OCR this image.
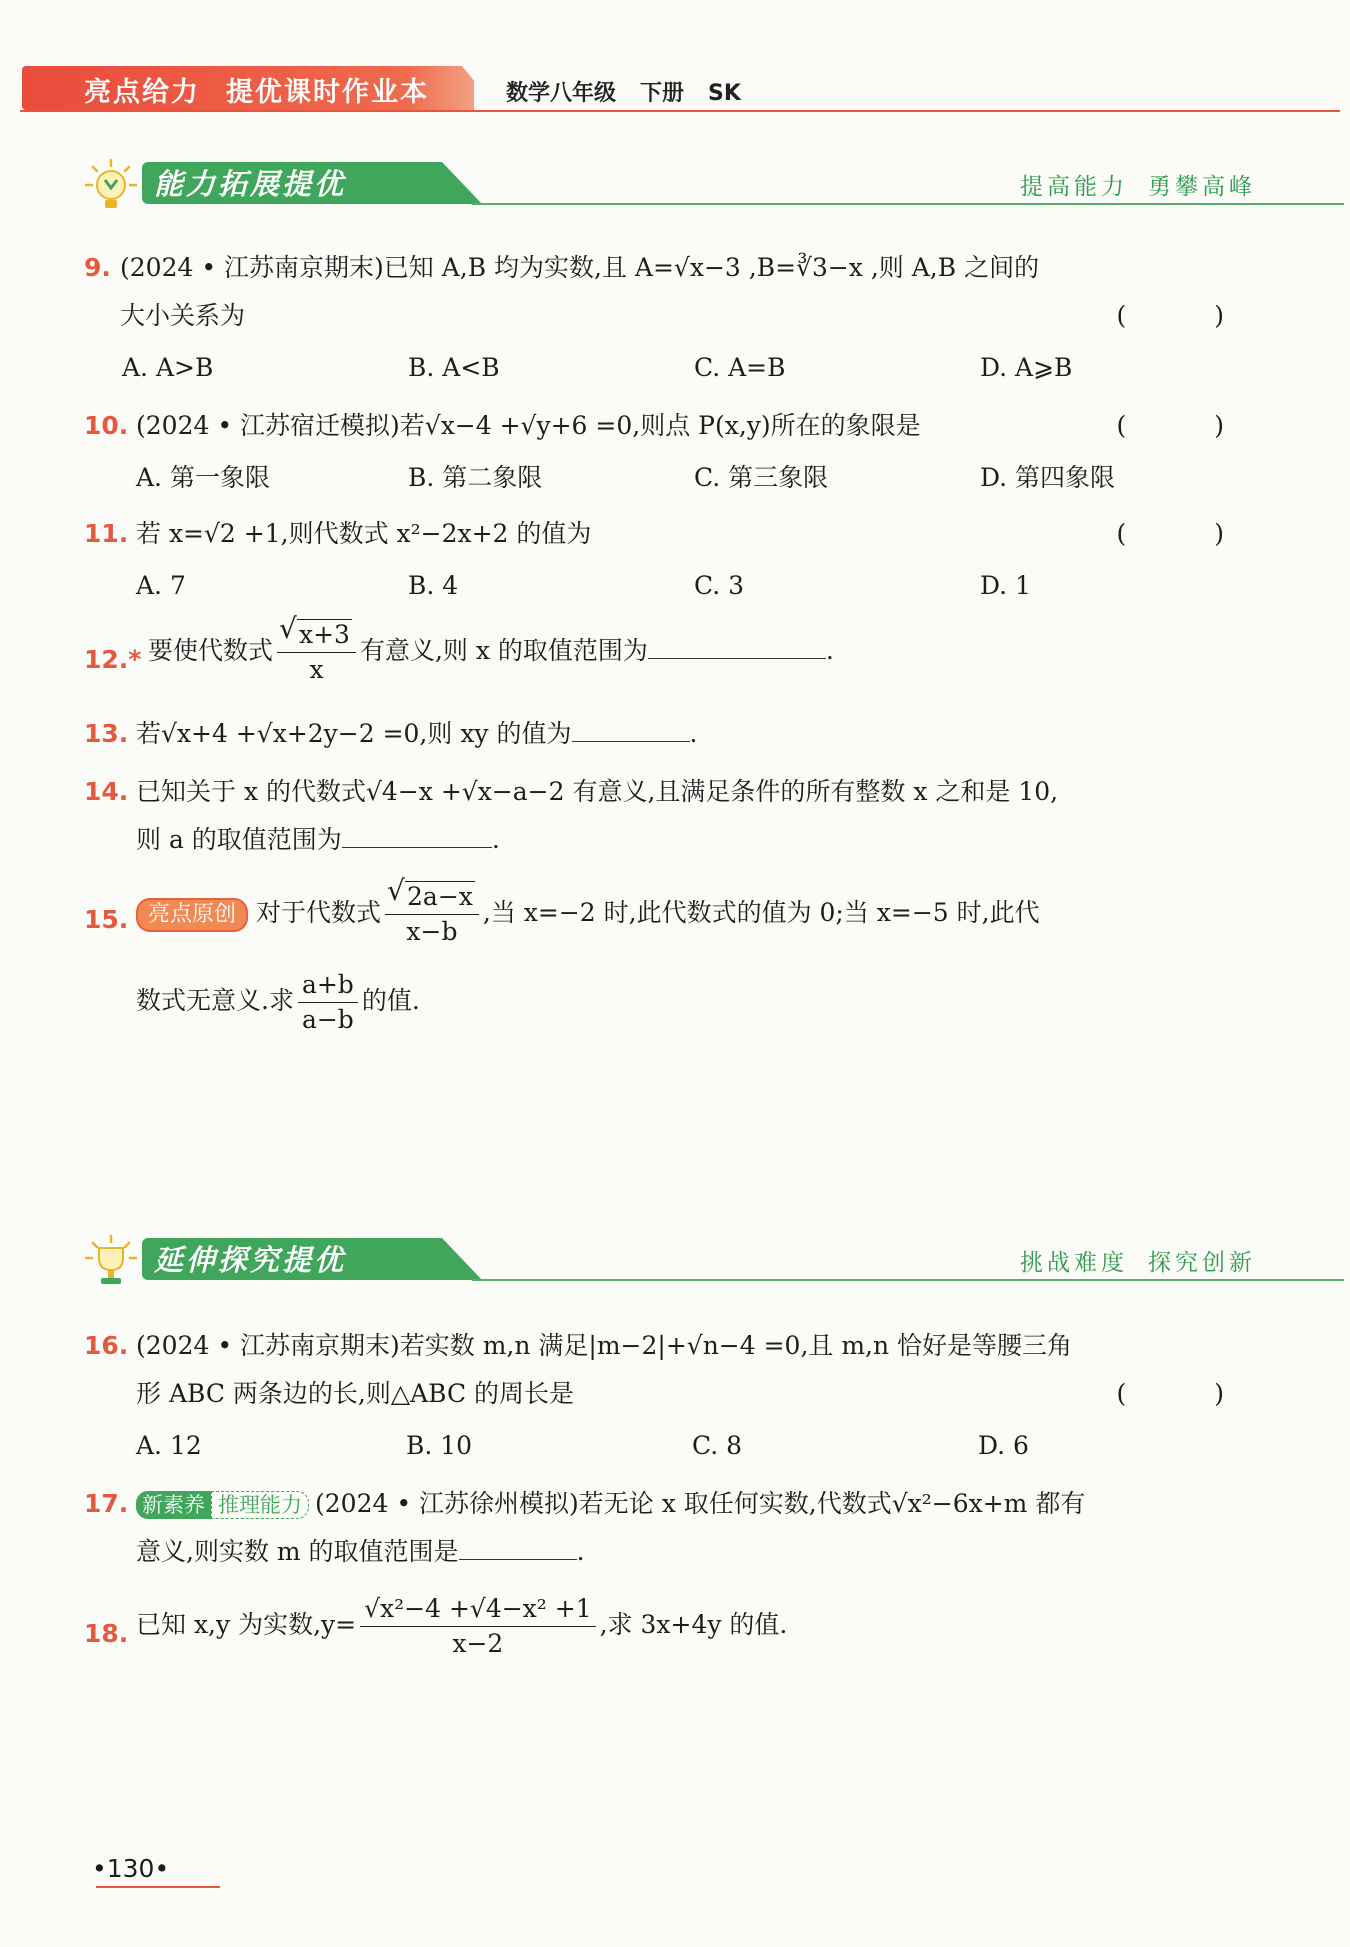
亮点给力 提优课时作业本	数学八年级 下册 SK
能力拓展提优	提高能力 勇攀高峰
9. (2024 • 江苏南京期末)已知 A,B 均为实数,且 A=√x−3 ,B=∛3−x ,则 A,B 之间的
大小关系为	( )
A. A>B	B. A<B	C. A=B	D. A⩾B
10. (2024 • 江苏宿迁模拟)若√x−4 +√y+6 =0,则点 P(x,y)所在的象限是	( )
A. 第一象限	B. 第二象限	C. 第三象限	D. 第四象限
11. 若 x=√2 +1,则代数式 x²−2x+2 的值为	( )
A. 7	B. 4	C. 3	D. 1
12.* 要使代数式 √ $\frac{x+3}{x}$ 有意义,则 x 的取值范围为	.
13. 若√x+4 +√x+2y−2 =0,则 xy 的值为	.
14. 已知关于 x 的代数式√4−x +√x−a−2 有意义,且满足条件的所有整数 x 之和是 10,
则 a 的取值范围为	.
15. 亮点原创 对于代数式 √ $\frac{2a-x}{x-b}$ ,当 x=−2 时,此代数式的值为 0;当 x=−5 时,此代
数式无意义.求 $\frac{a+b}{a-b}$ 的值.
延伸探究提优	挑战难度 探究创新
16. (2024 • 江苏南京期末)若实数 m,n 满足|m−2|+√n−4 =0,且 m,n 恰好是等腰三角
形 ABC 两条边的长,则△ABC 的周长是	( )
A. 12	B. 10	C. 8	D. 6
17. 新素养 推理能力 (2024 • 江苏徐州模拟)若无论 x 取任何实数,代数式√x²−6x+m 都有
意义,则实数 m 的取值范围是	.
18. 已知 x,y 为实数$,y= \frac{\text{√x²−4 +√4−x² +1}}{x-2}$ ,求 3x+4y 的值.
•130•
